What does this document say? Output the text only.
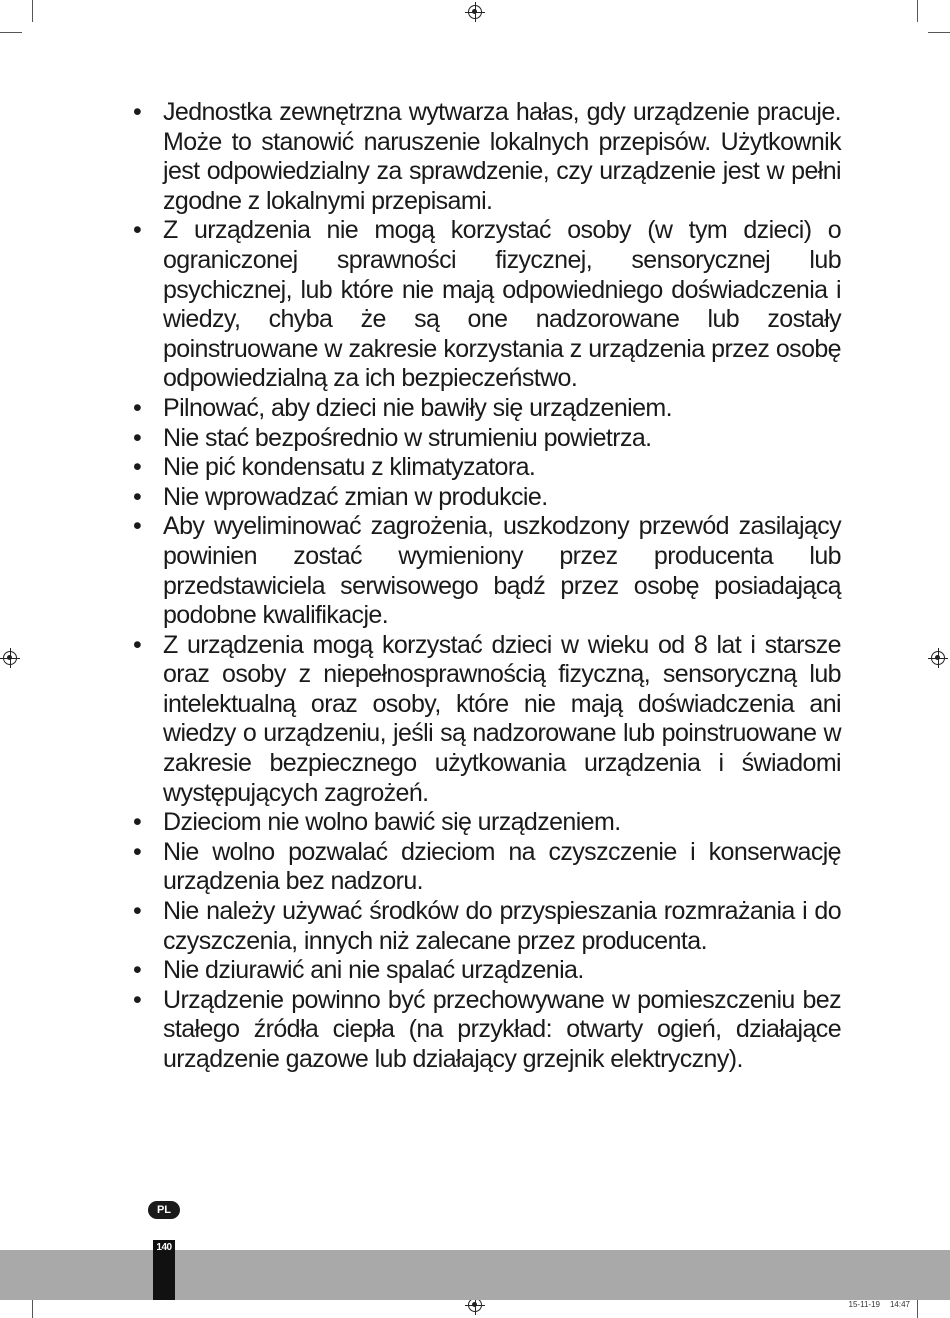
• Jednostka zewnętrzna wytwarza hałas, gdy urządzenie pracuje. Może to stanowić naruszenie lokalnych przepisów. Użytkownik jest odpowiedzialny za sprawdzenie, czy urządzenie jest w pełni zgodne z lokalnymi przepisami.
• Z urządzenia nie mogą korzystać osoby (w tym dzieci) o ograniczonej sprawności fizycznej, sensorycznej lub psychicznej, lub które nie mają odpowiedniego doświadczenia i wiedzy, chyba że są one nadzorowane lub zostały poinstruowane w zakresie korzystania z urządzenia przez osobę odpowiedzialną za ich bezpieczeństwo.
• Pilnować, aby dzieci nie bawiły się urządzeniem.
• Nie stać bezpośrednio w strumieniu powietrza.
• Nie pić kondensatu z klimatyzatora.
• Nie wprowadzać zmian w produkcie.
• Aby wyeliminować zagrożenia, uszkodzony przewód zasilający powinien zostać wymieniony przez producenta lub przedstawiciela serwisowego bądź przez osobę posiadającą podobne kwalifikacje.
• Z urządzenia mogą korzystać dzieci w wieku od 8 lat i starsze oraz osoby z niepełnosprawnością fizyczną, sensoryczną lub intelektualną oraz osoby, które nie mają doświadczenia ani wiedzy o urządzeniu, jeśli są nadzorowane lub poinstruowane w zakresie bezpiecznego użytkowania urządzenia i świadomi występujących zagrożeń.
• Dzieciom nie wolno bawić się urządzeniem.
• Nie wolno pozwalać dzieciom na czyszczenie i konserwację urządzenia bez nadzoru.
• Nie należy używać środków do przyspieszania rozmrażania i do czyszczenia, innych niż zalecane przez producenta.
• Nie dziurawić ani nie spalać urządzenia.
• Urządzenie powinno być przechowywane w pomieszczeniu bez stałego źródła ciepła (na przykład: otwarty ogień, działające urządzenie gazowe lub działający grzejnik elektryczny).
PL
140
15-11-19 14:47
